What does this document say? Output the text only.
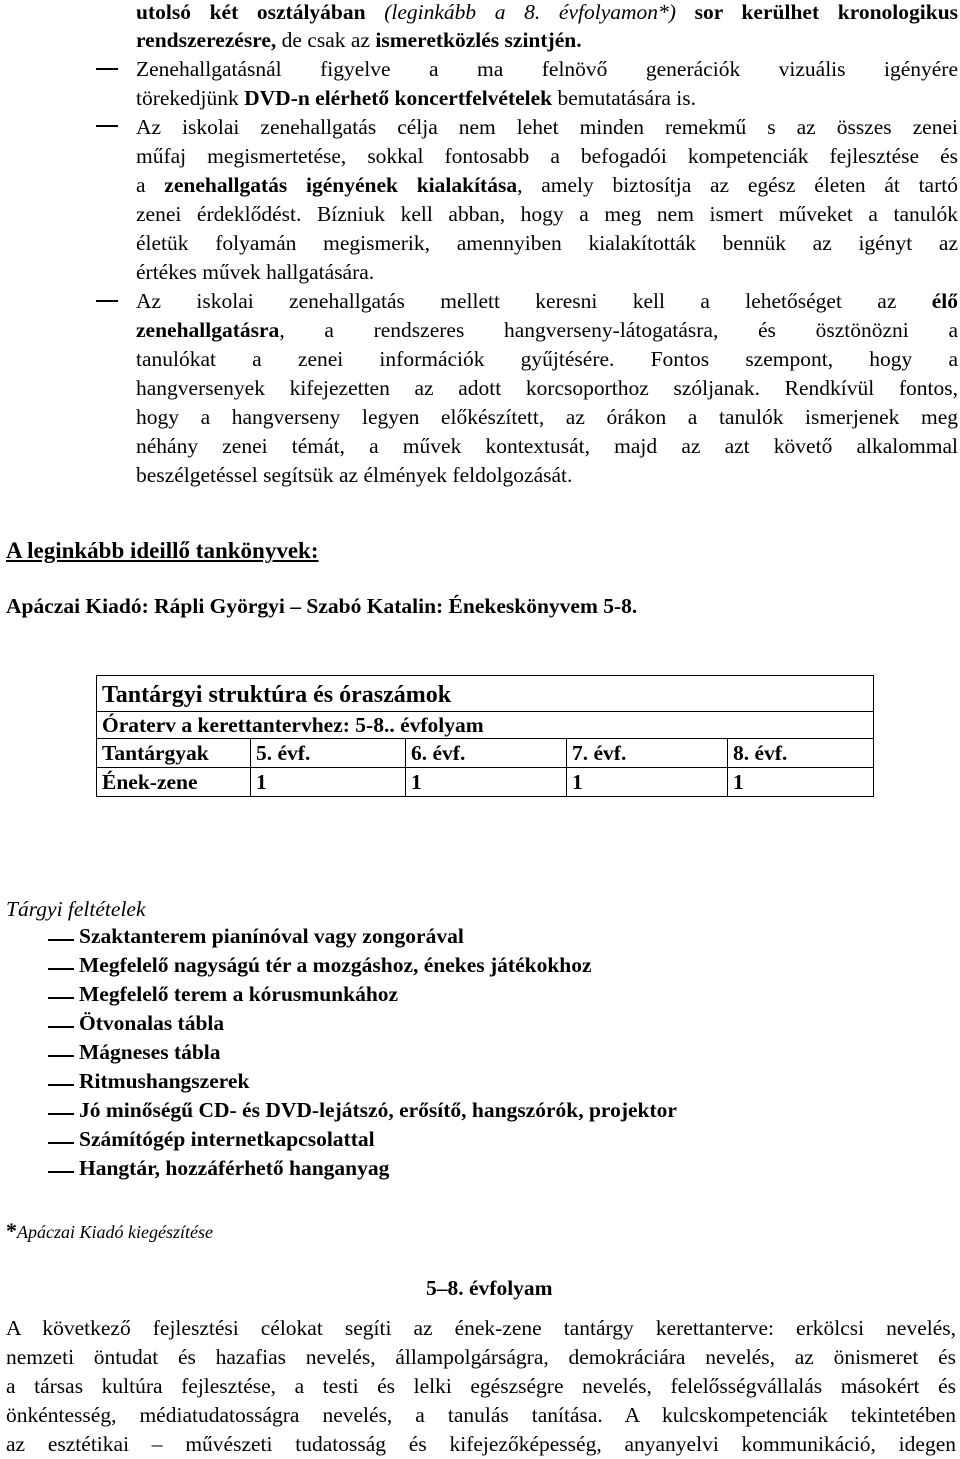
utolsó két osztályában (leginkább a 8. évfolyamon*) sor kerülhet kronologikus
rendszerezésre, de csak az ismeretközlés szintjén.
Zenehallgatásnál figyelve a ma felnövő generációk vizuális igényére
törekedjünk DVD-n elérhető koncertfelvételek bemutatására is.
Az iskolai zenehallgatás célja nem lehet minden remekmű s az összes zenei
műfaj megismertetése, sokkal fontosabb a befogadói kompetenciák fejlesztése és
a zenehallgatás igényének kialakítása, amely biztosítja az egész életen át tartó
zenei érdeklődést. Bízniuk kell abban, hogy a meg nem ismert műveket a tanulók
életük folyamán megismerik, amennyiben kialakították bennük az igényt az
értékes művek hallgatására.
Az iskolai zenehallgatás mellett keresni kell a lehetőséget az élő
zenehallgatásra, a rendszeres hangverseny-látogatásra, és ösztönözni a
tanulókat a zenei információk gyűjtésére. Fontos szempont, hogy a
hangversenyek kifejezetten az adott korcsoporthoz szóljanak. Rendkívül fontos,
hogy a hangverseny legyen előkészített, az órákon a tanulók ismerjenek meg
néhány zenei témát, a művek kontextusát, majd az azt követő alkalommal
beszélgetéssel segítsük az élmények feldolgozását.
A leginkább ideillő tankönyvek:
Apáczai Kiadó: Rápli Györgyi – Szabó Katalin: Énekeskönyvem 5-8.
Tantárgyi struktúra és óraszámok				
Óraterv a kerettantervhez: 5-8.. évfolyam				
Tantárgyak	5. évf.	6. évf.	7. évf.	8. évf.
Ének-zene	1	1	1	1
Tárgyi feltételek
Szaktanterem pianínóval vagy zongorával
Megfelelő nagyságú tér a mozgáshoz, énekes játékokhoz
Megfelelő terem a kórusmunkához
Ötvonalas tábla
Mágneses tábla
Ritmushangszerek
Jó minőségű CD- és DVD-lejátszó, erősítő, hangszórók, projektor
Számítógép internetkapcsolattal
Hangtár, hozzáférhető hanganyag
*Apáczai Kiadó kiegészítése
5–8. évfolyam
A következő fejlesztési célokat segíti az ének-zene tantárgy kerettanterve: erkölcsi nevelés,
nemzeti öntudat és hazafias nevelés, állampolgárságra, demokráciára nevelés, az önismeret és
a társas kultúra fejlesztése, a testi és lelki egészségre nevelés, felelősségvállalás másokért és
önkéntesség, médiatudatosságra nevelés, a tanulás tanítása. A kulcskompetenciák tekintetében
az esztétikai – művészeti tudatosság és kifejezőképesség, anyanyelvi kommunikáció, idegen
